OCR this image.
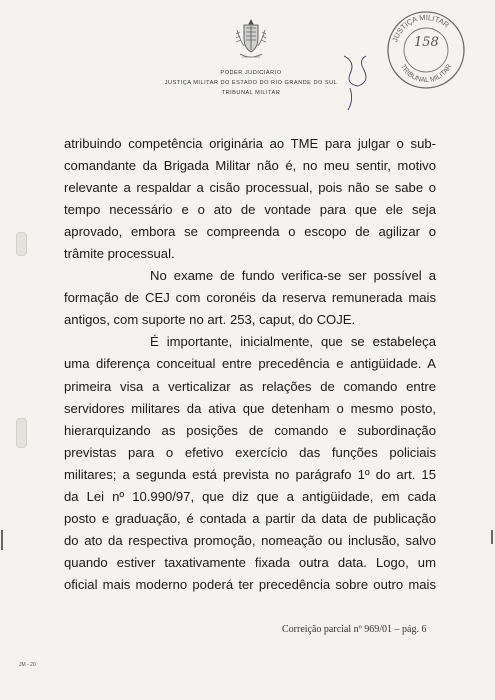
PODER JUDICIÁRIO
JUSTIÇA MILITAR DO ESTADO DO RIO GRANDE DO SUL
TRIBUNAL MILITAR
JUSTIÇA MILITAR
TRIBUNAL MILITAR
158
atribuindo competência originária ao TME para julgar o sub-
comandante da Brigada Militar não é, no meu sentir, motivo
relevante a respaldar a cisão processual, pois não se sabe o
tempo necessário e o ato de vontade para que ele seja
aprovado, embora se compreenda o escopo de agilizar o
trâmite processual.
No exame de fundo verifica-se ser possível a
formação de CEJ com coronéis da reserva remunerada mais
antigos, com suporte no art. 253, caput, do COJE.
É importante, inicialmente, que se estabeleça
uma diferença conceitual entre precedência e antigüidade. A
primeira visa a verticalizar as relações de comando entre
servidores militares da ativa que detenham o mesmo posto,
hierarquizando as posições de comando e subordinação
previstas para o efetivo exercício das funções policiais
militares; a segunda está prevista no parágrafo 1º do art. 15
da Lei nº 10.990/97, que diz que a antigüidade, em cada
posto e graduação, é contada a partir da data de publicação
do ato da respectiva promoção, nomeação ou inclusão, salvo
quando estiver taxativamente fixada outra data. Logo, um
oficial mais moderno poderá ter precedência sobre outro mais
Correição parcial nº 969/01 – pág. 6
JM - 20
